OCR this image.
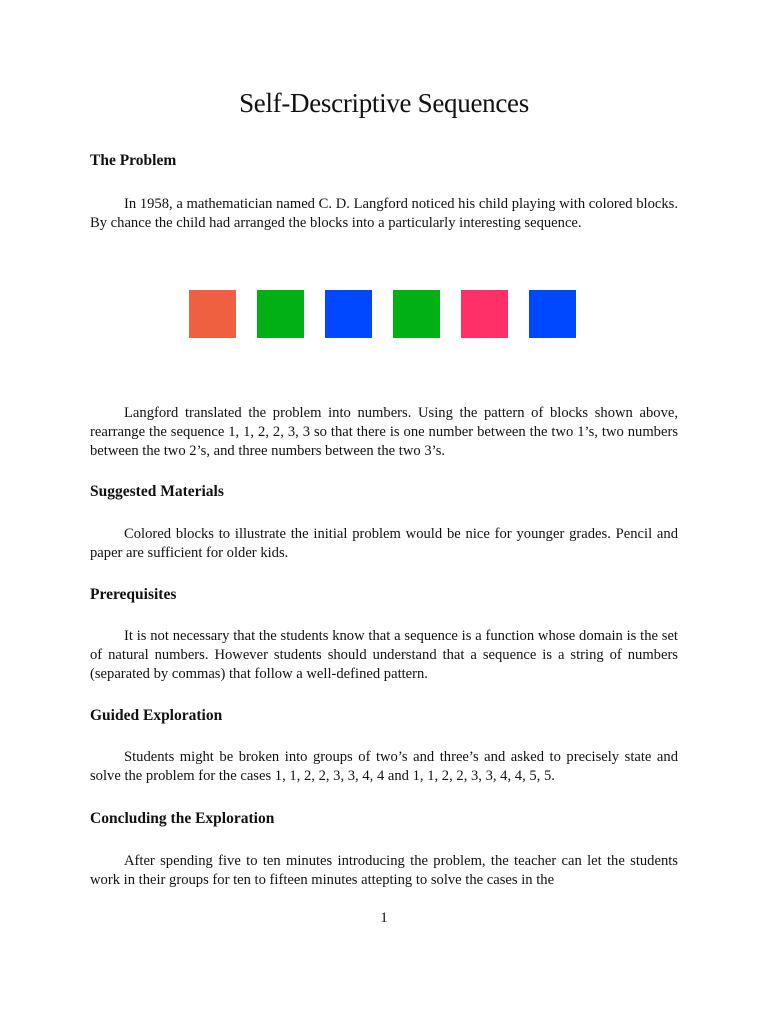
Self-Descriptive Sequences
The Problem
In 1958, a mathematician named C. D. Langford noticed his child playing with colored blocks. By chance the child had arranged the blocks into a particularly interesting sequence.
Langford translated the problem into numbers. Using the pattern of blocks shown above, rearrange the sequence 1, 1, 2, 2, 3, 3 so that there is one number between the two 1’s, two numbers between the two 2’s, and three numbers between the two 3’s.
Suggested Materials
Colored blocks to illustrate the initial problem would be nice for younger grades. Pencil and paper are sufficient for older kids.
Prerequisites
It is not necessary that the students know that a sequence is a function whose domain is the set of natural numbers. However students should understand that a sequence is a string of numbers (separated by commas) that follow a well-defined pattern.
Guided Exploration
Students might be broken into groups of two’s and three’s and asked to precisely state and solve the problem for the cases 1, 1, 2, 2, 3, 3, 4, 4 and 1, 1, 2, 2, 3, 3, 4, 4, 5, 5.
Concluding the Exploration
After spending five to ten minutes introducing the problem, the teacher can let the students work in their groups for ten to fifteen minutes attepting to solve the cases in the
1
